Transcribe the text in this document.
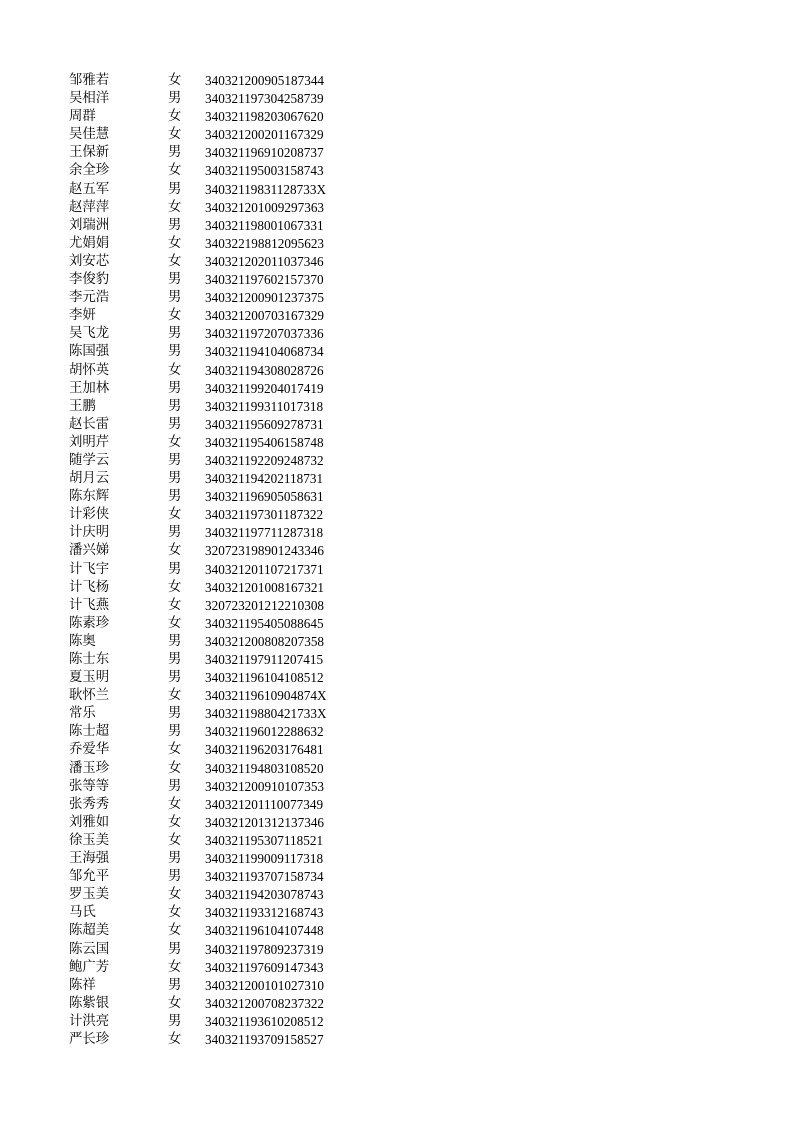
邹雅若	女 340321200905187344
吴相洋	男 340321197304258739
周群	女 340321198203067620
吴佳慧	女 340321200201167329
王保新	男 340321196910208737
余全珍	女 340321195003158743
赵五军	男 34032119831128733X
赵萍萍	女 340321201009297363
刘瑞洲	男 340321198001067331
尤娟娟	女 340322198812095623
刘安芯	女 340321202011037346
李俊豹	男 340321197602157370
李元浩	男 340321200901237375
李妍	女 340321200703167329
吴飞龙	男 340321197207037336
陈国强	男 340321194104068734
胡怀英	女 340321194308028726
王加林	男 340321199204017419
王鹏	男 340321199311017318
赵长雷	男 340321195609278731
刘明芹	女 340321195406158748
随学云	男 340321192209248732
胡月云	男 340321194202118731
陈东辉	男 340321196905058631
计彩侠	女 340321197301187322
计庆明	男 340321197711287318
潘兴娣	女 320723198901243346
计飞宇	男 340321201107217371
计飞杨	女 340321201008167321
计飞燕	女 320723201212210308
陈素珍	女 340321195405088645
陈奥	男 340321200808207358
陈士东	男 340321197911207415
夏玉明	男 340321196104108512
耿怀兰	女 34032119610904874X
常乐	男 34032119880421733X
陈士超	男 340321196012288632
乔爱华	女 340321196203176481
潘玉珍	女 340321194803108520
张等等	男 340321200910107353
张秀秀	女 340321201110077349
刘雅如	女 340321201312137346
徐玉美	女 340321195307118521
王海强	男 340321199009117318
邹允平	男 340321193707158734
罗玉美	女 340321194203078743
马氏	女 340321193312168743
陈超美	女 340321196104107448
陈云国	男 340321197809237319
鲍广芳	女 340321197609147343
陈祥	男 340321200101027310
陈紫银	女 340321200708237322
计洪亮	男 340321193610208512
严长珍	女 340321193709158527
